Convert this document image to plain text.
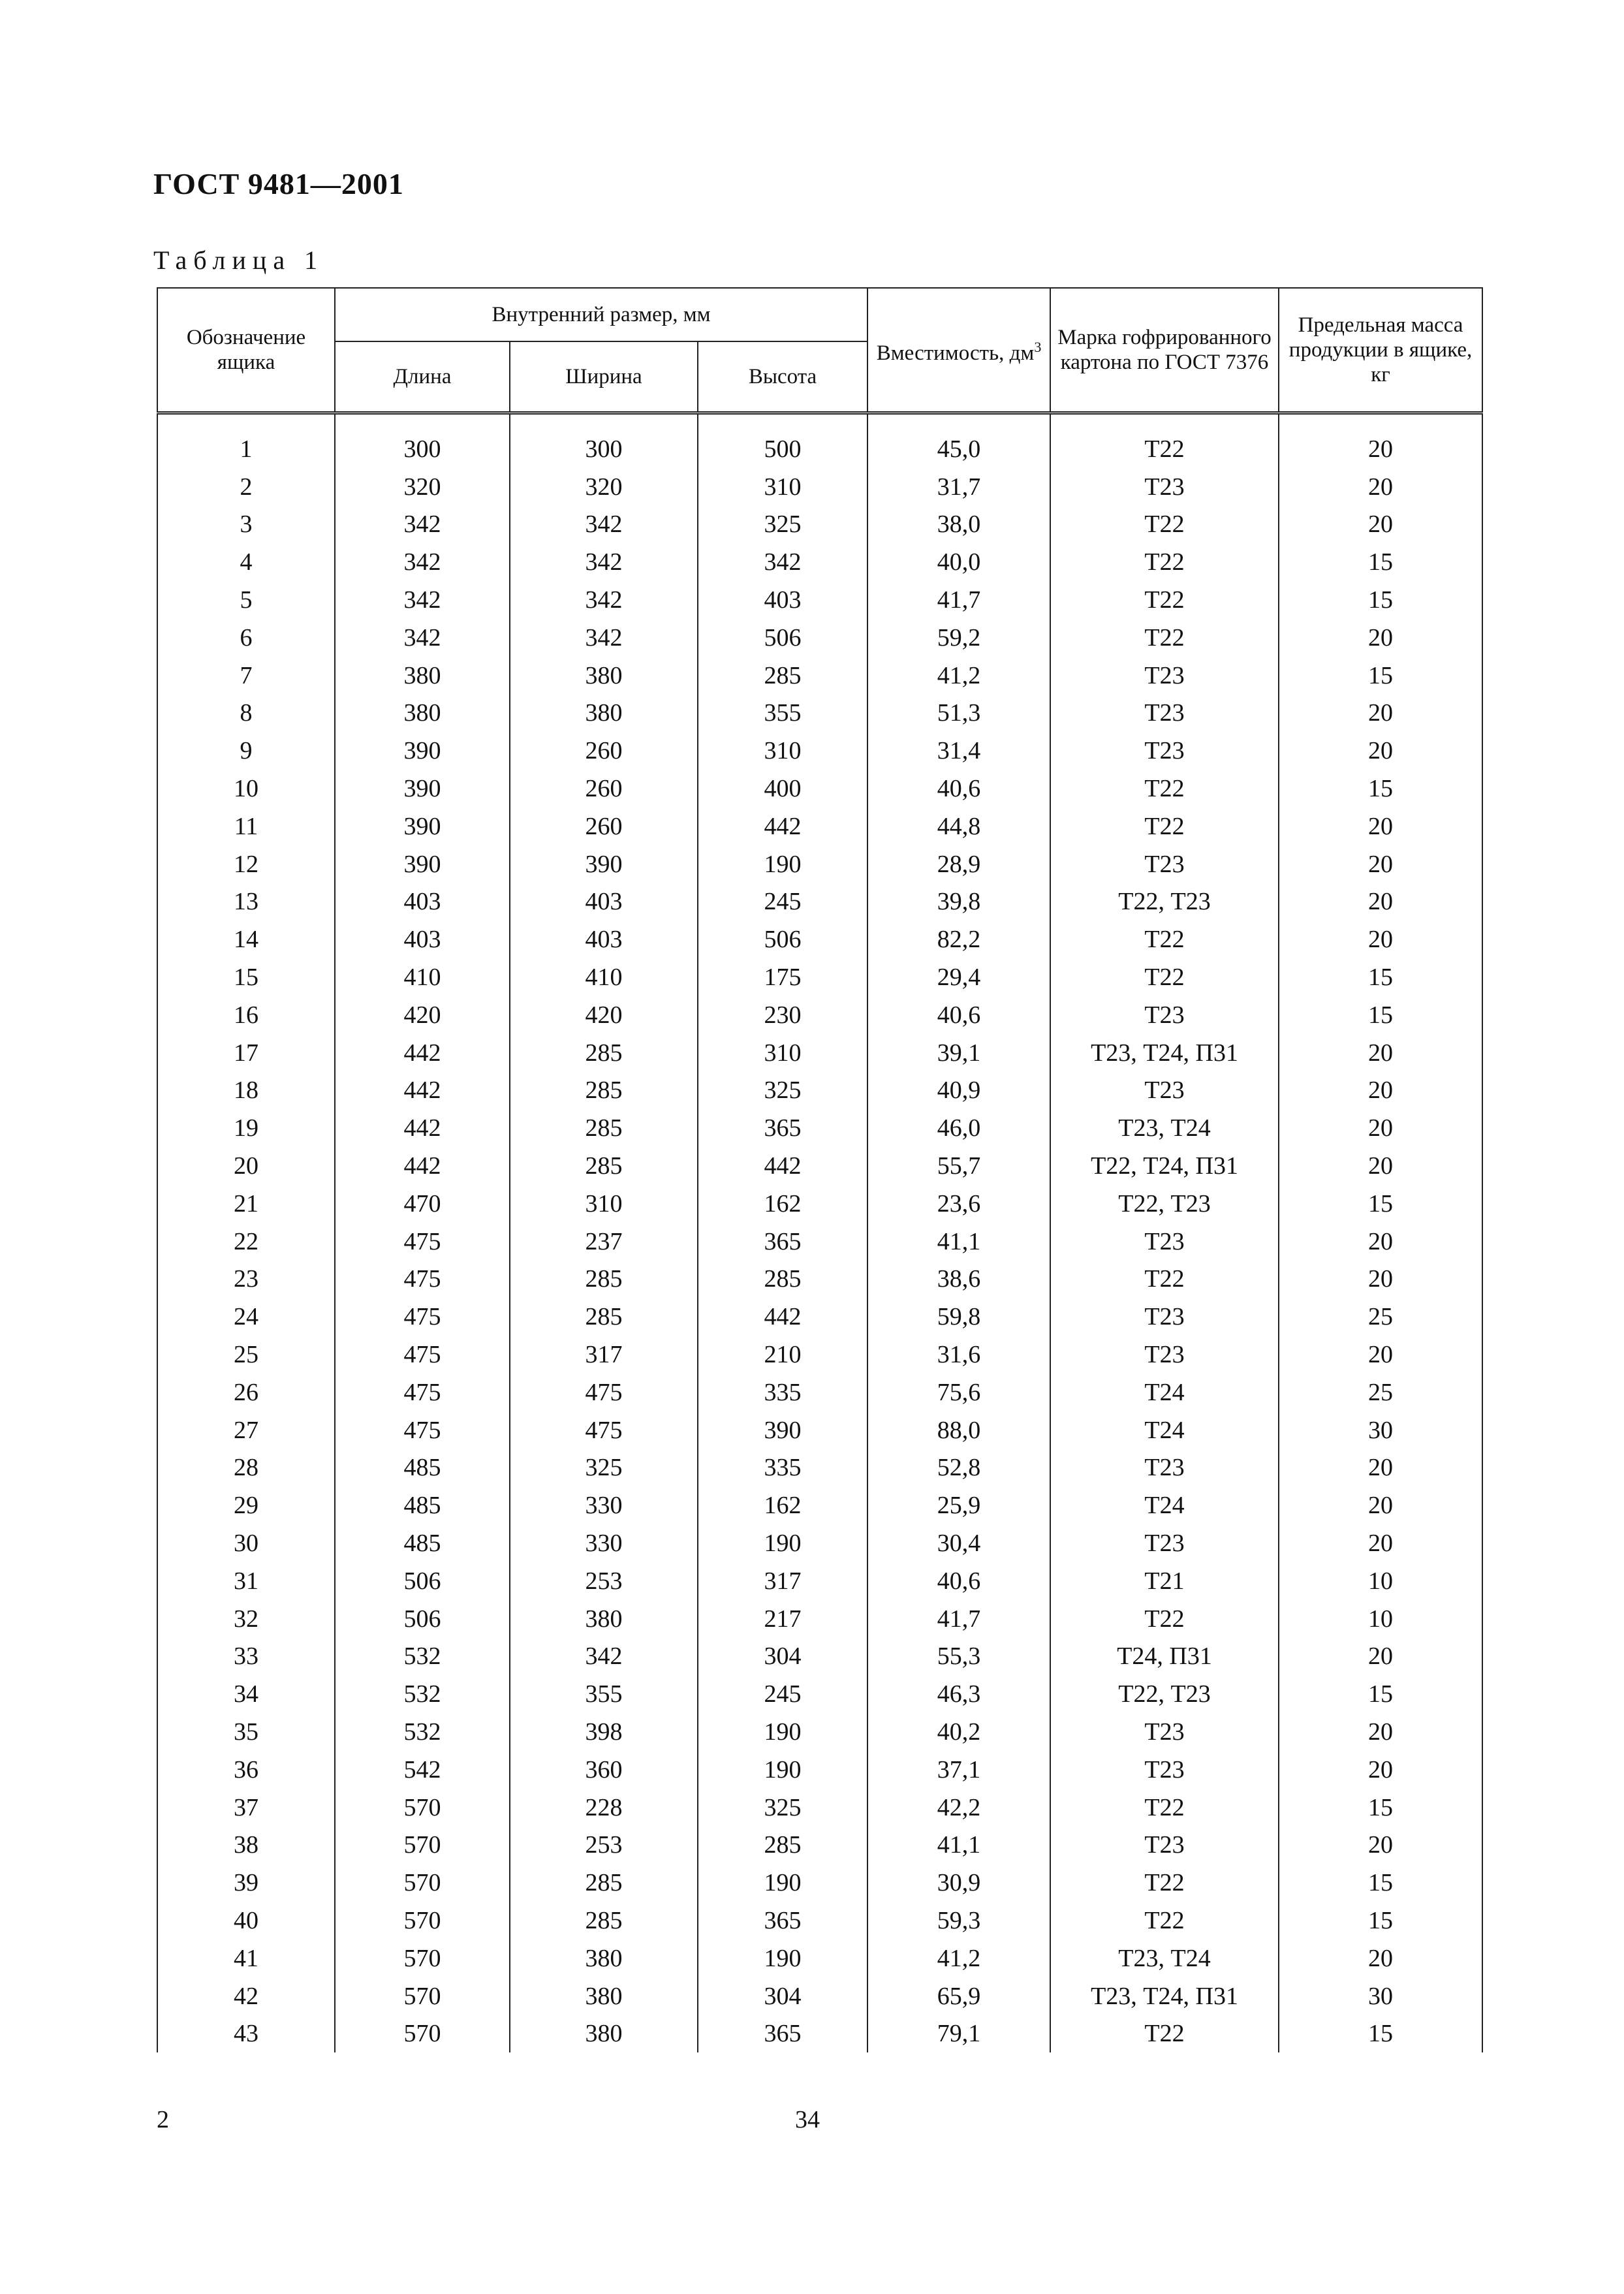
ГОСТ 9481—2001
Таблица 1
Обозначение ящика	Внутренний размер, мм			Вместимость, $дм^3$	Марка гофрированного картона по ГОСТ 7376	Предельная масса продукции в ящике, кг
	Длина	Ширина	Высота			

1	300	300	500	45,0	Т22	20
2	320	320	310	31,7	Т23	20
3	342	342	325	38,0	Т22	20
4	342	342	342	40,0	Т22	15
5	342	342	403	41,7	Т22	15
6	342	342	506	59,2	Т22	20
7	380	380	285	41,2	Т23	15
8	380	380	355	51,3	Т23	20
9	390	260	310	31,4	Т23	20
10	390	260	400	40,6	Т22	15
11	390	260	442	44,8	Т22	20
12	390	390	190	28,9	Т23	20
13	403	403	245	39,8	Т22, Т23	20
14	403	403	506	82,2	Т22	20
15	410	410	175	29,4	Т22	15
16	420	420	230	40,6	Т23	15
17	442	285	310	39,1	Т23, Т24, П31	20
18	442	285	325	40,9	Т23	20
19	442	285	365	46,0	Т23, Т24	20
20	442	285	442	55,7	Т22, Т24, П31	20
21	470	310	162	23,6	Т22, Т23	15
22	475	237	365	41,1	Т23	20
23	475	285	285	38,6	Т22	20
24	475	285	442	59,8	Т23	25
25	475	317	210	31,6	Т23	20
26	475	475	335	75,6	Т24	25
27	475	475	390	88,0	Т24	30
28	485	325	335	52,8	Т23	20
29	485	330	162	25,9	Т24	20
30	485	330	190	30,4	Т23	20
31	506	253	317	40,6	Т21	10
32	506	380	217	41,7	Т22	10
33	532	342	304	55,3	Т24, П31	20
34	532	355	245	46,3	Т22, Т23	15
35	532	398	190	40,2	Т23	20
36	542	360	190	37,1	Т23	20
37	570	228	325	42,2	Т22	15
38	570	253	285	41,1	Т23	20
39	570	285	190	30,9	Т22	15
40	570	285	365	59,3	Т22	15
41	570	380	190	41,2	Т23, Т24	20
42	570	380	304	65,9	Т23, Т24, П31	30
43	570	380	365	79,1	Т22	15
2	34
